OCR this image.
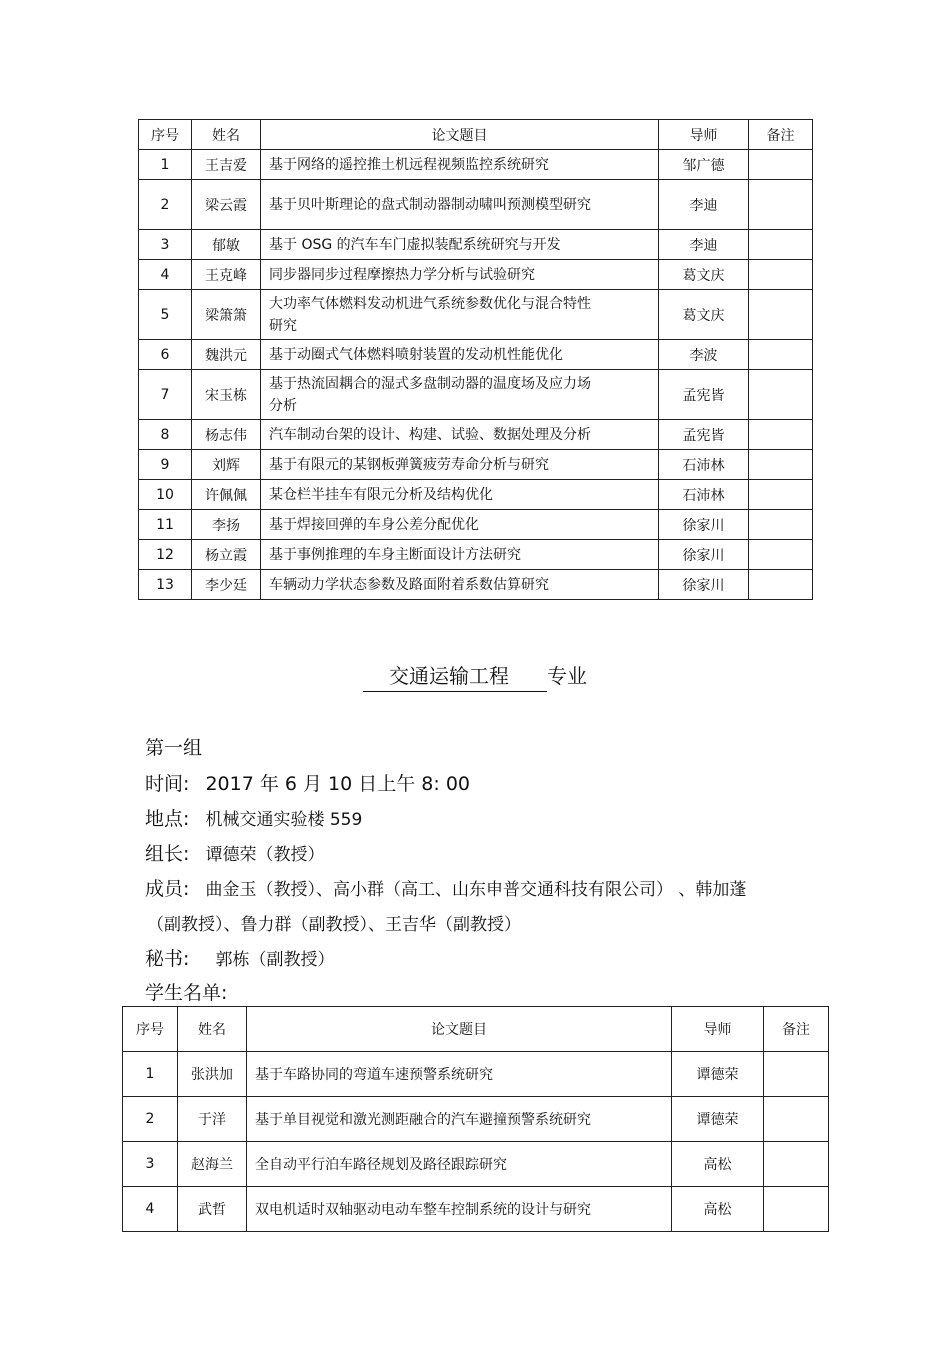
序号	姓名	论文题目	导师	备注
1	王吉爱	基于网络的遥控推土机远程视频监控系统研究	邹广德	
2	梁云霞	基于贝叶斯理论的盘式制动器制动啸叫预测模型研究	李迪	
3	郁敏	基于 OSG 的汽车车门虚拟装配系统研究与开发	李迪	
4	王克峰	同步器同步过程摩擦热力学分析与试验研究	葛文庆	
5	梁箫箫	大功率气体燃料发动机进气系统参数优化与混合特性研究	葛文庆	
6	魏洪元	基于动圈式气体燃料喷射装置的发动机性能优化	李波	
7	宋玉栋	基于热流固耦合的湿式多盘制动器的温度场及应力场分析	孟宪皆	
8	杨志伟	汽车制动台架的设计、构建、试验、数据处理及分析	孟宪皆	
9	刘辉	基于有限元的某钢板弹簧疲劳寿命分析与研究	石沛林	
10	许佩佩	某仓栏半挂车有限元分析及结构优化	石沛林	
11	李扬	基于焊接回弹的车身公差分配优化	徐家川	
12	杨立霞	基于事例推理的车身主断面设计方法研究	徐家川	
13	李少廷	车辆动力学状态参数及路面附着系数估算研究	徐家川	
交通运输工程 专业
第一组
时间: 2017 年 6 月 10 日上午 8: 00
地点: 机械交通实验楼 559
组长: 谭德荣（教授）
成员: 曲金玉（教授）、高小群（高工、山东申普交通科技有限公司） 、韩加蓬
（副教授）、鲁力群（副教授）、王吉华（副教授）
秘书: 郭栋（副教授）
学生名单:
序号	姓名	论文题目	导师	备注
1	张洪加	基于车路协同的弯道车速预警系统研究	谭德荣	
2	于洋	基于单目视觉和激光测距融合的汽车避撞预警系统研究	谭德荣	
3	赵海兰	全自动平行泊车路径规划及路径跟踪研究	高松	
4	武哲	双电机适时双轴驱动电动车整车控制系统的设计与研究	高松	
